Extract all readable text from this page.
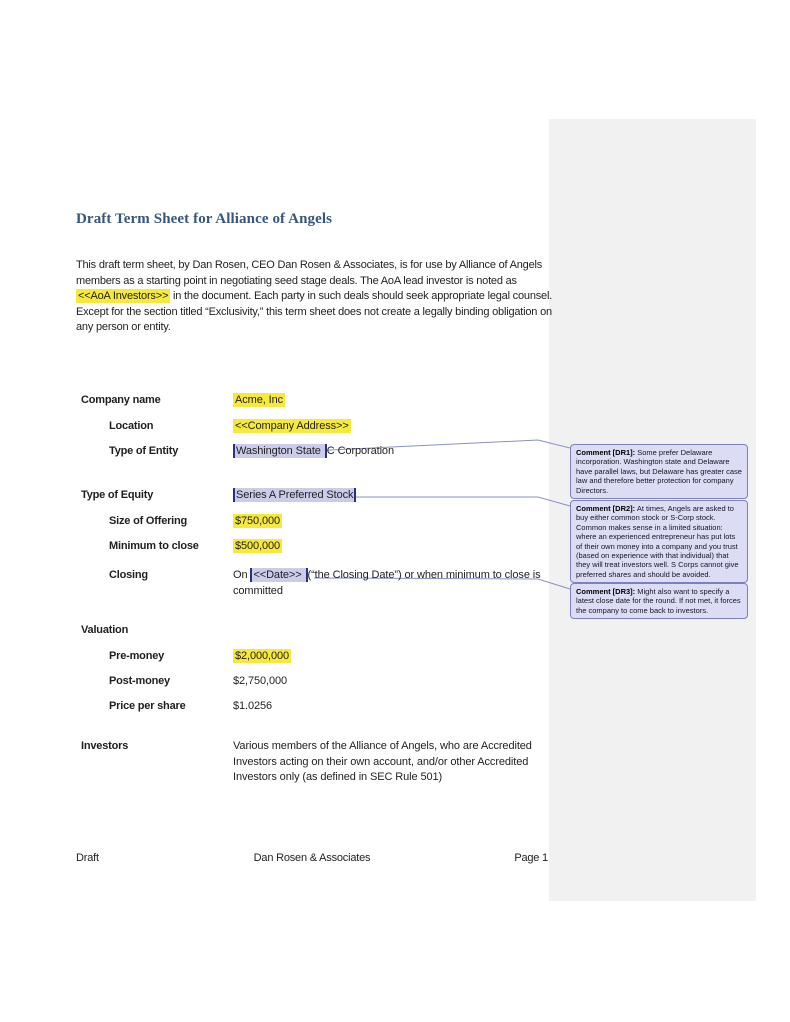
Draft Term Sheet for Alliance of Angels
This draft term sheet, by Dan Rosen, CEO Dan Rosen & Associates, is for use by Alliance of Angels members as a starting point in negotiating seed stage deals. The AoA lead investor is noted as <<AoA Investors>> in the document. Each party in such deals should seek appropriate legal counsel. Except for the section titled “Exclusivity,” this term sheet does not create a legally binding obligation on any person or entity.
Company name	Acme, Inc
Location	<<Company Address>>
Type of Entity	Washington State C Corporation
Type of Equity	Series A Preferred Stock
Size of Offering	$750,000
Minimum to close	$500,000
Closing	On <<Date>> (“the Closing Date”) or when minimum to close is committed
Valuation
Pre-money	$2,000,000
Post-money	$2,750,000
Price per share	$1.0256
Investors	Various members of the Alliance of Angels, who are Accredited Investors acting on their own account, and/or other Accredited Investors only (as defined in SEC Rule 501)
Comment [DR1]: Some prefer Delaware incorporation. Washington state and Delaware have parallel laws, but Delaware has greater case law and therefore better protection for company Directors.
Comment [DR2]: At times, Angels are asked to buy either common stock or S-Corp stock. Common makes sense in a limited situation: where an experienced entrepreneur has put lots of their own money into a company and you trust (based on experience with that individual) that they will treat investors well. S Corps cannot give preferred shares and should be avoided.
Comment [DR3]: Might also want to specify a latest close date for the round. If not met, it forces the company to come back to investors.
Draft	Dan Rosen & Associates	Page 1
